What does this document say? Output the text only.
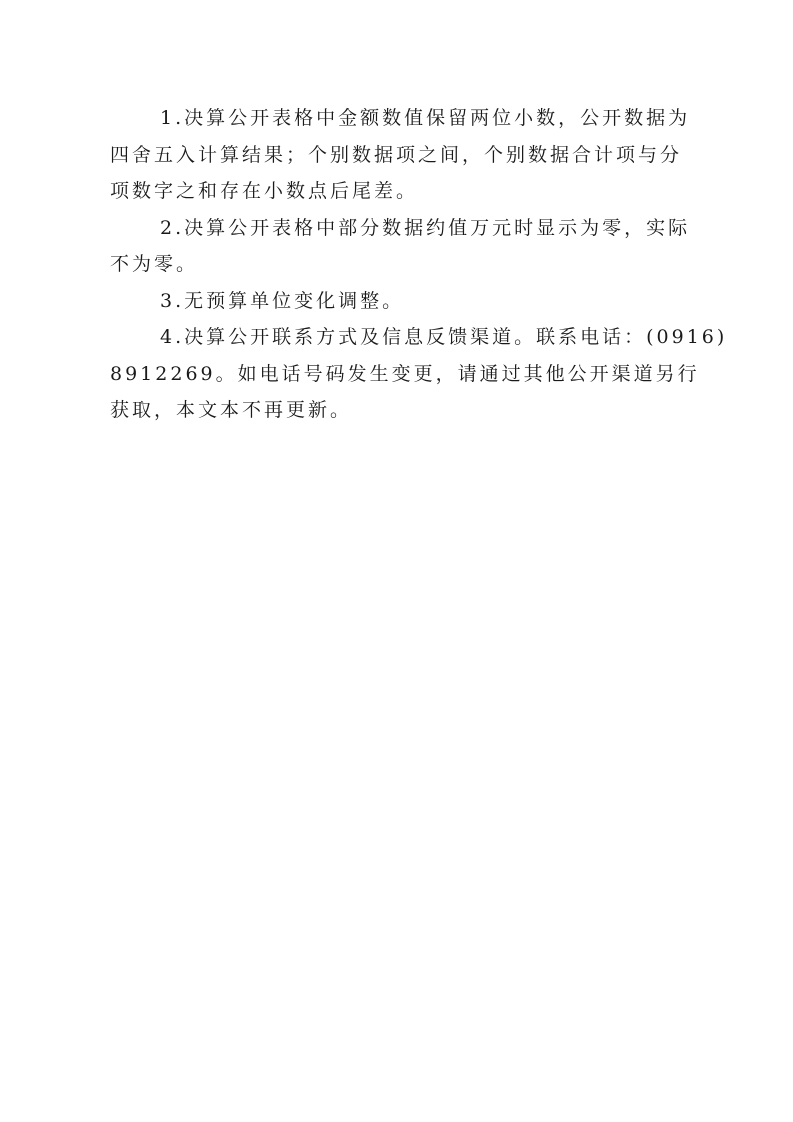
1.决算公开表格中金额数值保留两位小数，公开数据为
四舍五入计算结果；个别数据项之间，个别数据合计项与分
项数字之和存在小数点后尾差。
2.决算公开表格中部分数据约值万元时显示为零，实际
不为零。
3.无预算单位变化调整。
4.决算公开联系方式及信息反馈渠道。联系电话：(0916)
8912269。如电话号码发生变更，请通过其他公开渠道另行
获取，本文本不再更新。
